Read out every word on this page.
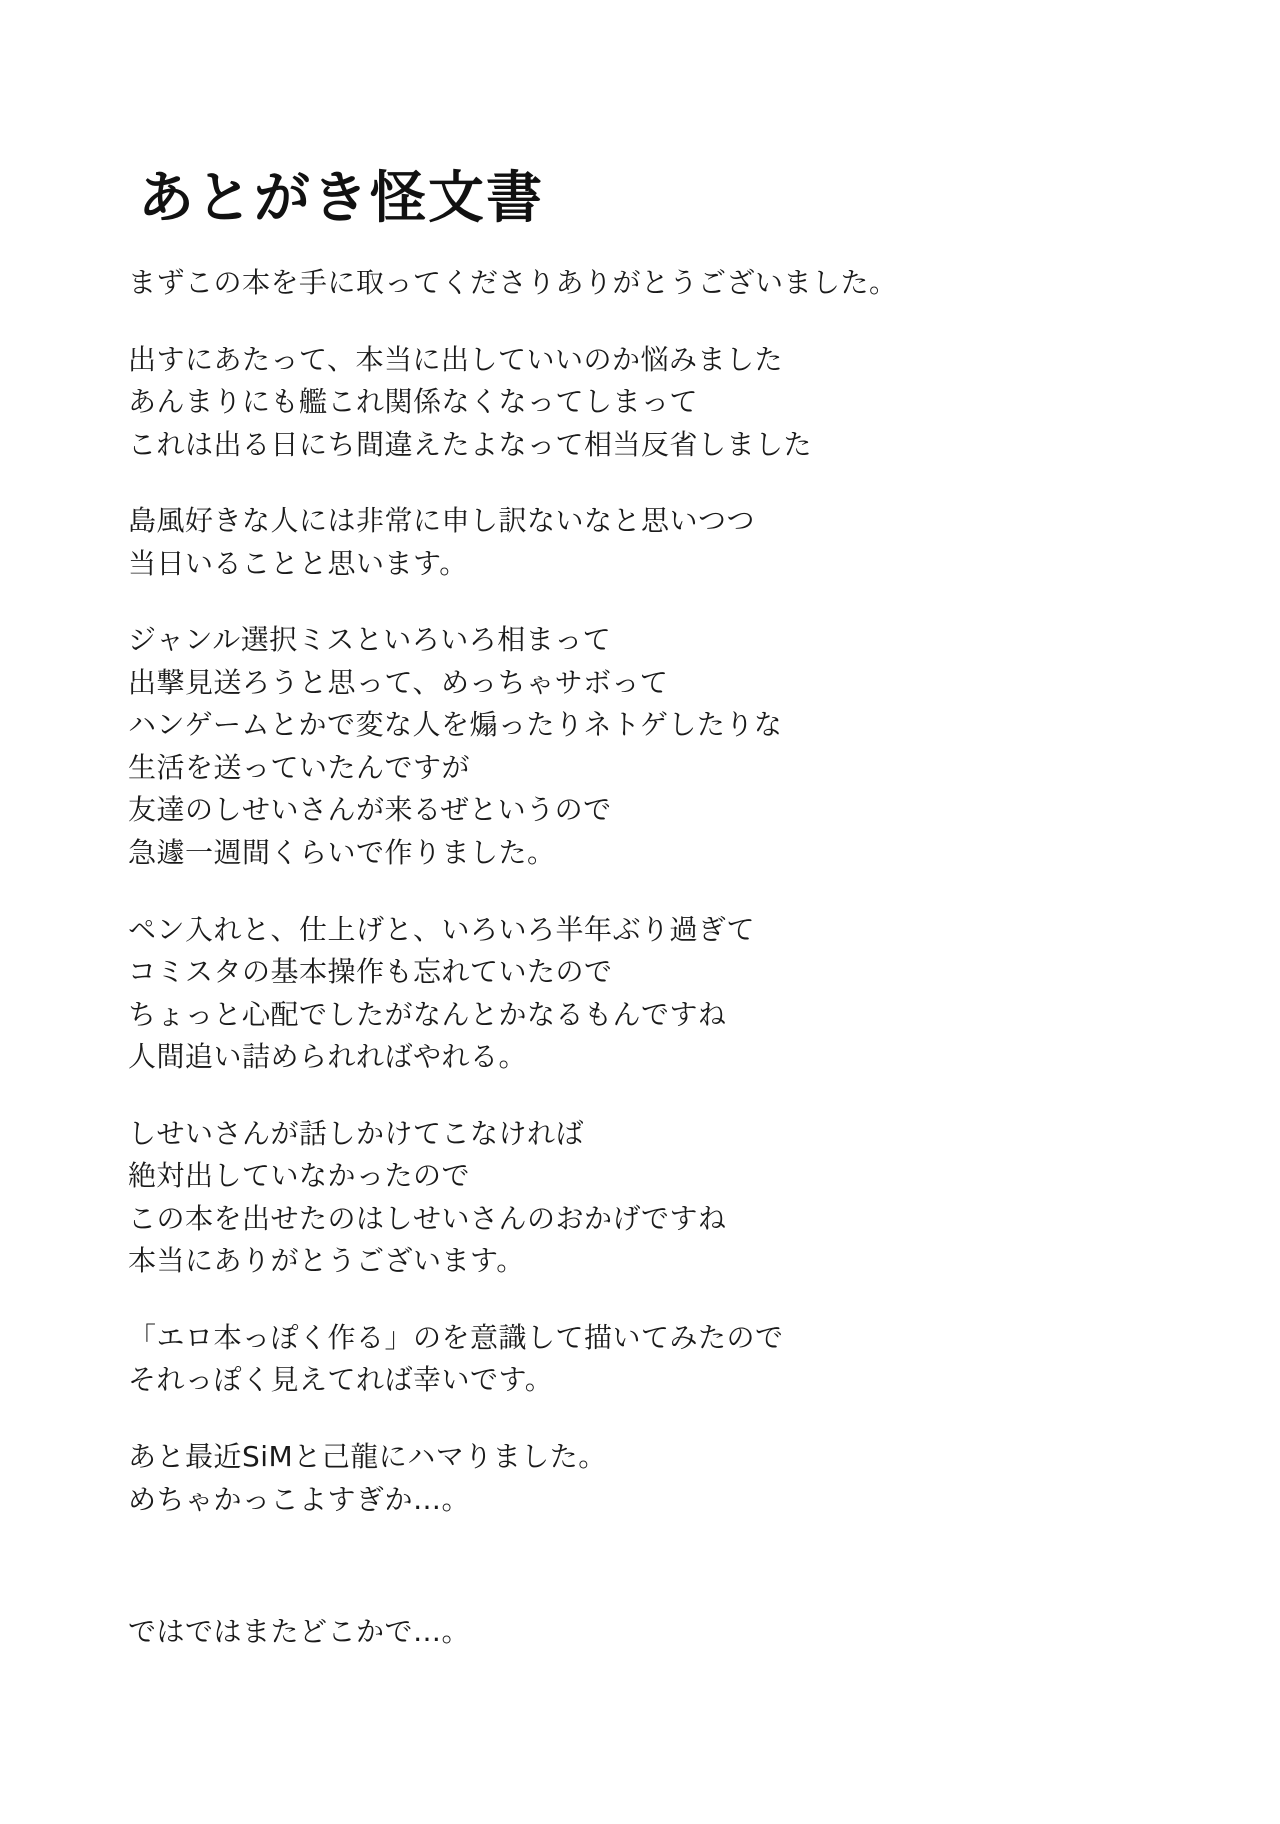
あとがき怪文書

まずこの本を手に取ってくださりありがとうございました。

出すにあたって、本当に出していいのか悩みました
あんまりにも艦これ関係なくなってしまって
これは出る日にち間違えたよなって相当反省しました

島風好きな人には非常に申し訳ないなと思いつつ
当日いることと思います。

ジャンル選択ミスといろいろ相まって
出撃見送ろうと思って、めっちゃサボって
ハンゲームとかで変な人を煽ったりネトゲしたりな
生活を送っていたんですが
友達のしせいさんが来るぜというので
急遽一週間くらいで作りました。

ペン入れと、仕上げと、いろいろ半年ぶり過ぎて
コミスタの基本操作も忘れていたので
ちょっと心配でしたがなんとかなるもんですね
人間追い詰められればやれる。

しせいさんが話しかけてこなければ
絶対出していなかったので
この本を出せたのはしせいさんのおかげですね
本当にありがとうございます。

「エロ本っぽく作る」のを意識して描いてみたので
それっぽく見えてれば幸いです。

あと最近SiMと己龍にハマりました。
めちゃかっこよすぎか…。

ではではまたどこかで…。
